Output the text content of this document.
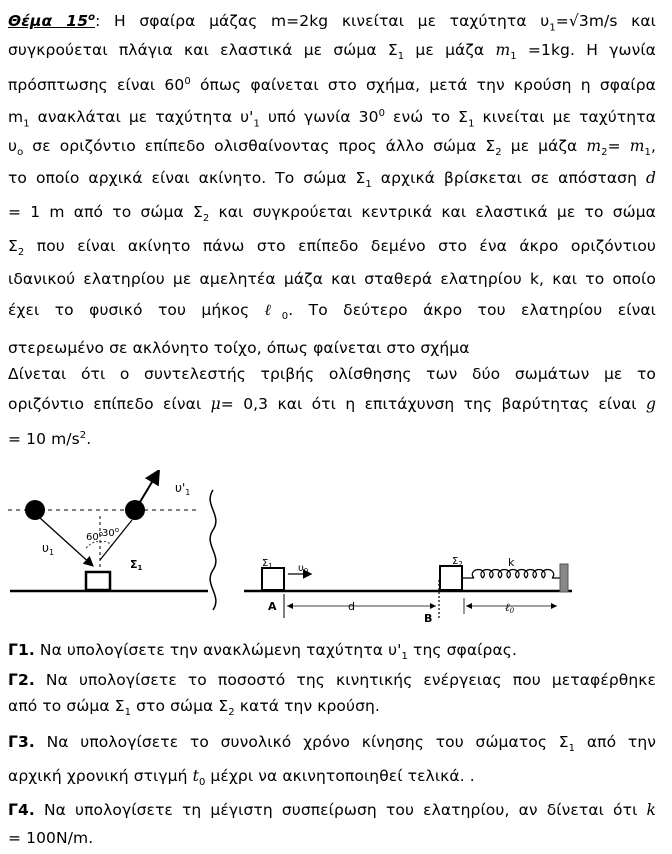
Θέμα $15^o$: Η σφαίρα μάζας m=2kg κινείται με ταχύτητα $\upsilon_1=√3m/s$ και
συγκρούεται πλάγια και ελαστικά με σώμα $\Sigma_1$ με μάζα $m_1 =1kg$. Η γωνία
πρόσπτωσης είναι $60^0$ όπως φαίνεται στο σχήμα, μετά την κρούση η σφαίρα
$m_1$ ανακλάται με ταχύτητα $\upsilon'_1$ υπό γωνία $30^0$ ενώ το $\Sigma_1$ κινείται με ταχύτητα
$\upsilon_o$ σε οριζόντιο επίπεδο ολισθαίνοντας προς άλλο σώμα $\Sigma_2$ με μάζα $m_2= m_1$,
το οποίο αρχικά είναι ακίνητο. Το σώμα $\Sigma_1$ αρχικά βρίσκεται σε απόσταση d
= 1 m από το σώμα $\Sigma_2$ και συγκρούεται κεντρικά και ελαστικά με το σώμα
$\Sigma_2$ που είναι ακίνητο πάνω στο επίπεδο δεμένο στο ένα άκρο οριζόντιου
ιδανικού ελατηρίου με αμελητέα μάζα και σταθερά ελατηρίου k, και το οποίο
έχει το φυσικό του μήκος ℓ$_0$. Το δεύτερο άκρο του ελατηρίου είναι
στερεωμένο σε ακλόνητο τοίχο, όπως φαίνεται στο σχήμα
Δίνεται ότι ο συντελεστής τριβής ολίσθησης των δύο σωμάτων με το
οριζόντιο επίπεδο είναι μ= 0,3 και ότι η επιτάχυνση της βαρύτητας είναι g
= 10 $m/s^2$.
$\upsilon'_1$
$\upsilon_1$
$60^o$
$30^o$
Σ1	$\Sigma_1$	$\upsilon_0$
A	d
B
$\Sigma_2$	k
ℓ0
Γ1. Να υπολογίσετε την ανακλώμενη ταχύτητα $\upsilon'_1$ της σφαίρας.
Γ2. Να υπολογίσετε το ποσοστό της κινητικής ενέργειας που μεταφέρθηκε
από το σώμα $\Sigma_1$ στο σώμα $\Sigma_2$ κατά την κρούση.
Γ3. Να υπολογίσετε το συνολικό χρόνο κίνησης του σώματος $\Sigma_1$ από την
αρχική χρονική στιγμή $t_0$ μέχρι να ακινητοποιηθεί τελικά. .
Γ4. Να υπολογίσετε τη μέγιστη συσπείρωση του ελατηρίου, αν δίνεται ότι k
= 100N/m.
